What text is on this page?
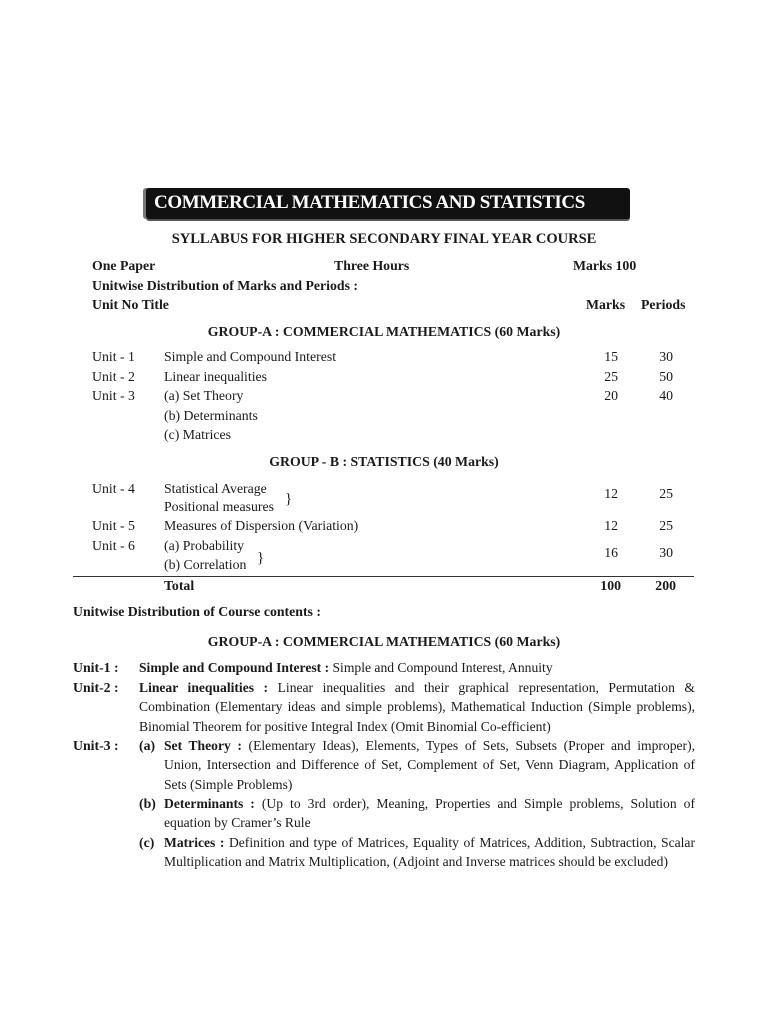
COMMERCIAL MATHEMATICS AND STATISTICS
SYLLABUS FOR HIGHER SECONDARY FINAL YEAR COURSE
One Paper	Three Hours	Marks 100
Unitwise Distribution of Marks and Periods :
Unit No Title	Marks Periods
GROUP-A : COMMERCIAL MATHEMATICS (60 Marks)
Unit - 1 Simple and Compound Interest	15	30
Unit - 2 Linear inequalities	25	50
Unit - 3 (a) Set Theory	20	40
(b) Determinants
(c) Matrices
GROUP - B : STATISTICS (40 Marks)
Unit - 4 Statistical Average
Positional measures }	12	25
Unit - 5 Measures of Dispersion (Variation)	12	25
Unit - 6 (a) Probability
(b) Correlation }	16	30
Total	100	200
Unitwise Distribution of Course contents :
GROUP-A : COMMERCIAL MATHEMATICS (60 Marks)
Unit-1 : Simple and Compound Interest : Simple and Compound Interest, Annuity
Unit-2 : Linear inequalities : Linear inequalities and their graphical representation, Permutation & Combination (Elementary ideas and simple problems), Mathematical Induction (Simple problems), Binomial Theorem for positive Integral Index (Omit Binomial Co-efficient)
Unit-3 : (a) Set Theory : (Elementary Ideas), Elements, Types of Sets, Subsets (Proper and improper), Union, Intersection and Difference of Set, Complement of Set, Venn Diagram, Application of Sets (Simple Problems)
(b) Determinants : (Up to 3rd order), Meaning, Properties and Simple problems, Solution of equation by Cramer’s Rule
(c) Matrices : Definition and type of Matrices, Equality of Matrices, Addition, Subtraction, Scalar Multiplication and Matrix Multiplication, (Adjoint and Inverse matrices should be excluded)
